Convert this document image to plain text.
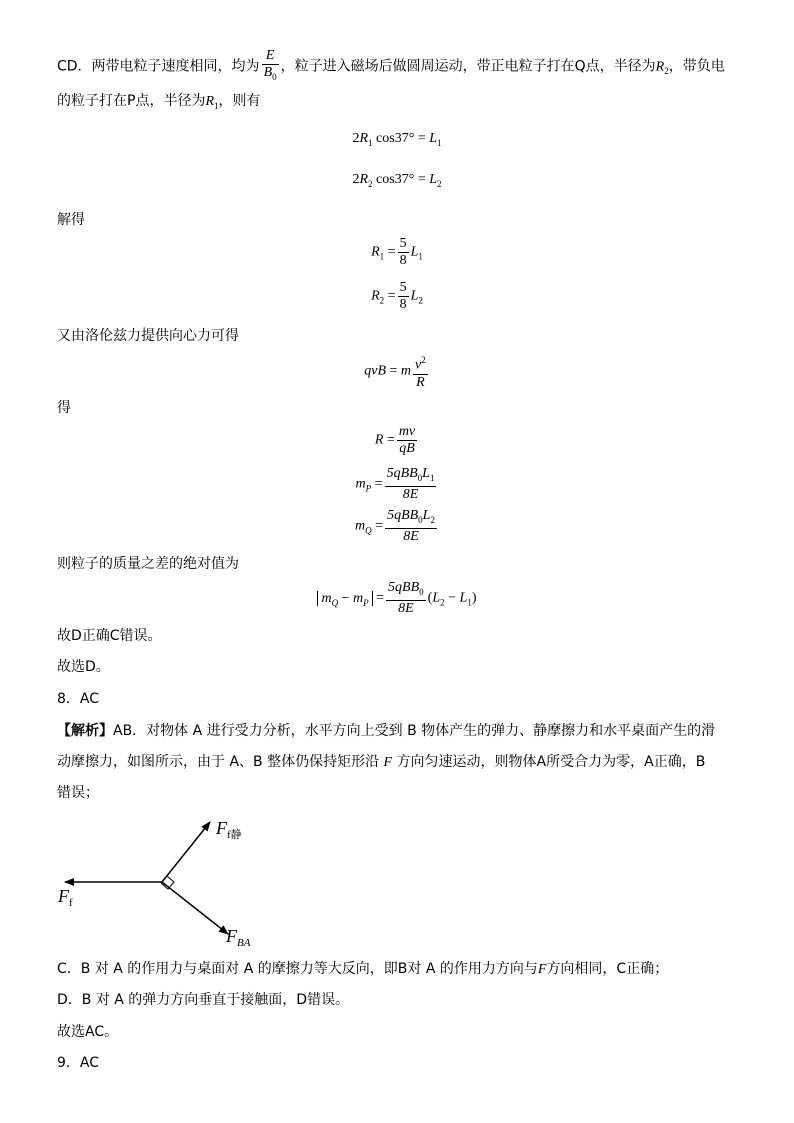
CD．两带电粒子速度相同，均为 $\frac{E}{B_0}$ ，粒子进入磁场后做圆周运动，带正电粒子打在Q点，半径为$R_2$，带负电
的粒子打在P点，半径为$R_1$，则有
$2R_1$ $\cos 37^\circ = L_1$
$2R_2$ $\cos 37^\circ = L_2$
解得
$R_1 = \frac{5}{8} L_1$
$R_2 = \frac{5}{8} L_2$
又由洛伦兹力提供向心力可得
qvB = m $\frac{v^2}{R}$
得
$R = \frac{mv}{qB}$
$m_P = \frac{5qBB_0L_1}{8E}$
$m_Q = \frac{5qBB_0L_2}{8E}$
则粒子的质量之差的绝对值为
$m_Q - m_P = \frac{5qBB_0}{8E} (L_2 - L_1)$
故D正确C错误。
故选D。
8．AC
【解析】AB．对物体 A 进行受力分析，水平方向上受到 B 物体产生的弹力、静摩擦力和水平桌面产生的滑
动摩擦力，如图所示，由于 A、B 整体仍保持矩形沿 F 方向匀速运动，则物体A所受合力为零，A正确，B
错误；
$F_{f静}$
$F_f$
$F_{BA}$
C．B 对 A 的作用力与桌面对 A 的摩擦力等大反向，即B对 A 的作用力方向与F方向相同，C正确；
D．B 对 A 的弹力方向垂直于接触面，D错误。
故选AC。
9．AC
